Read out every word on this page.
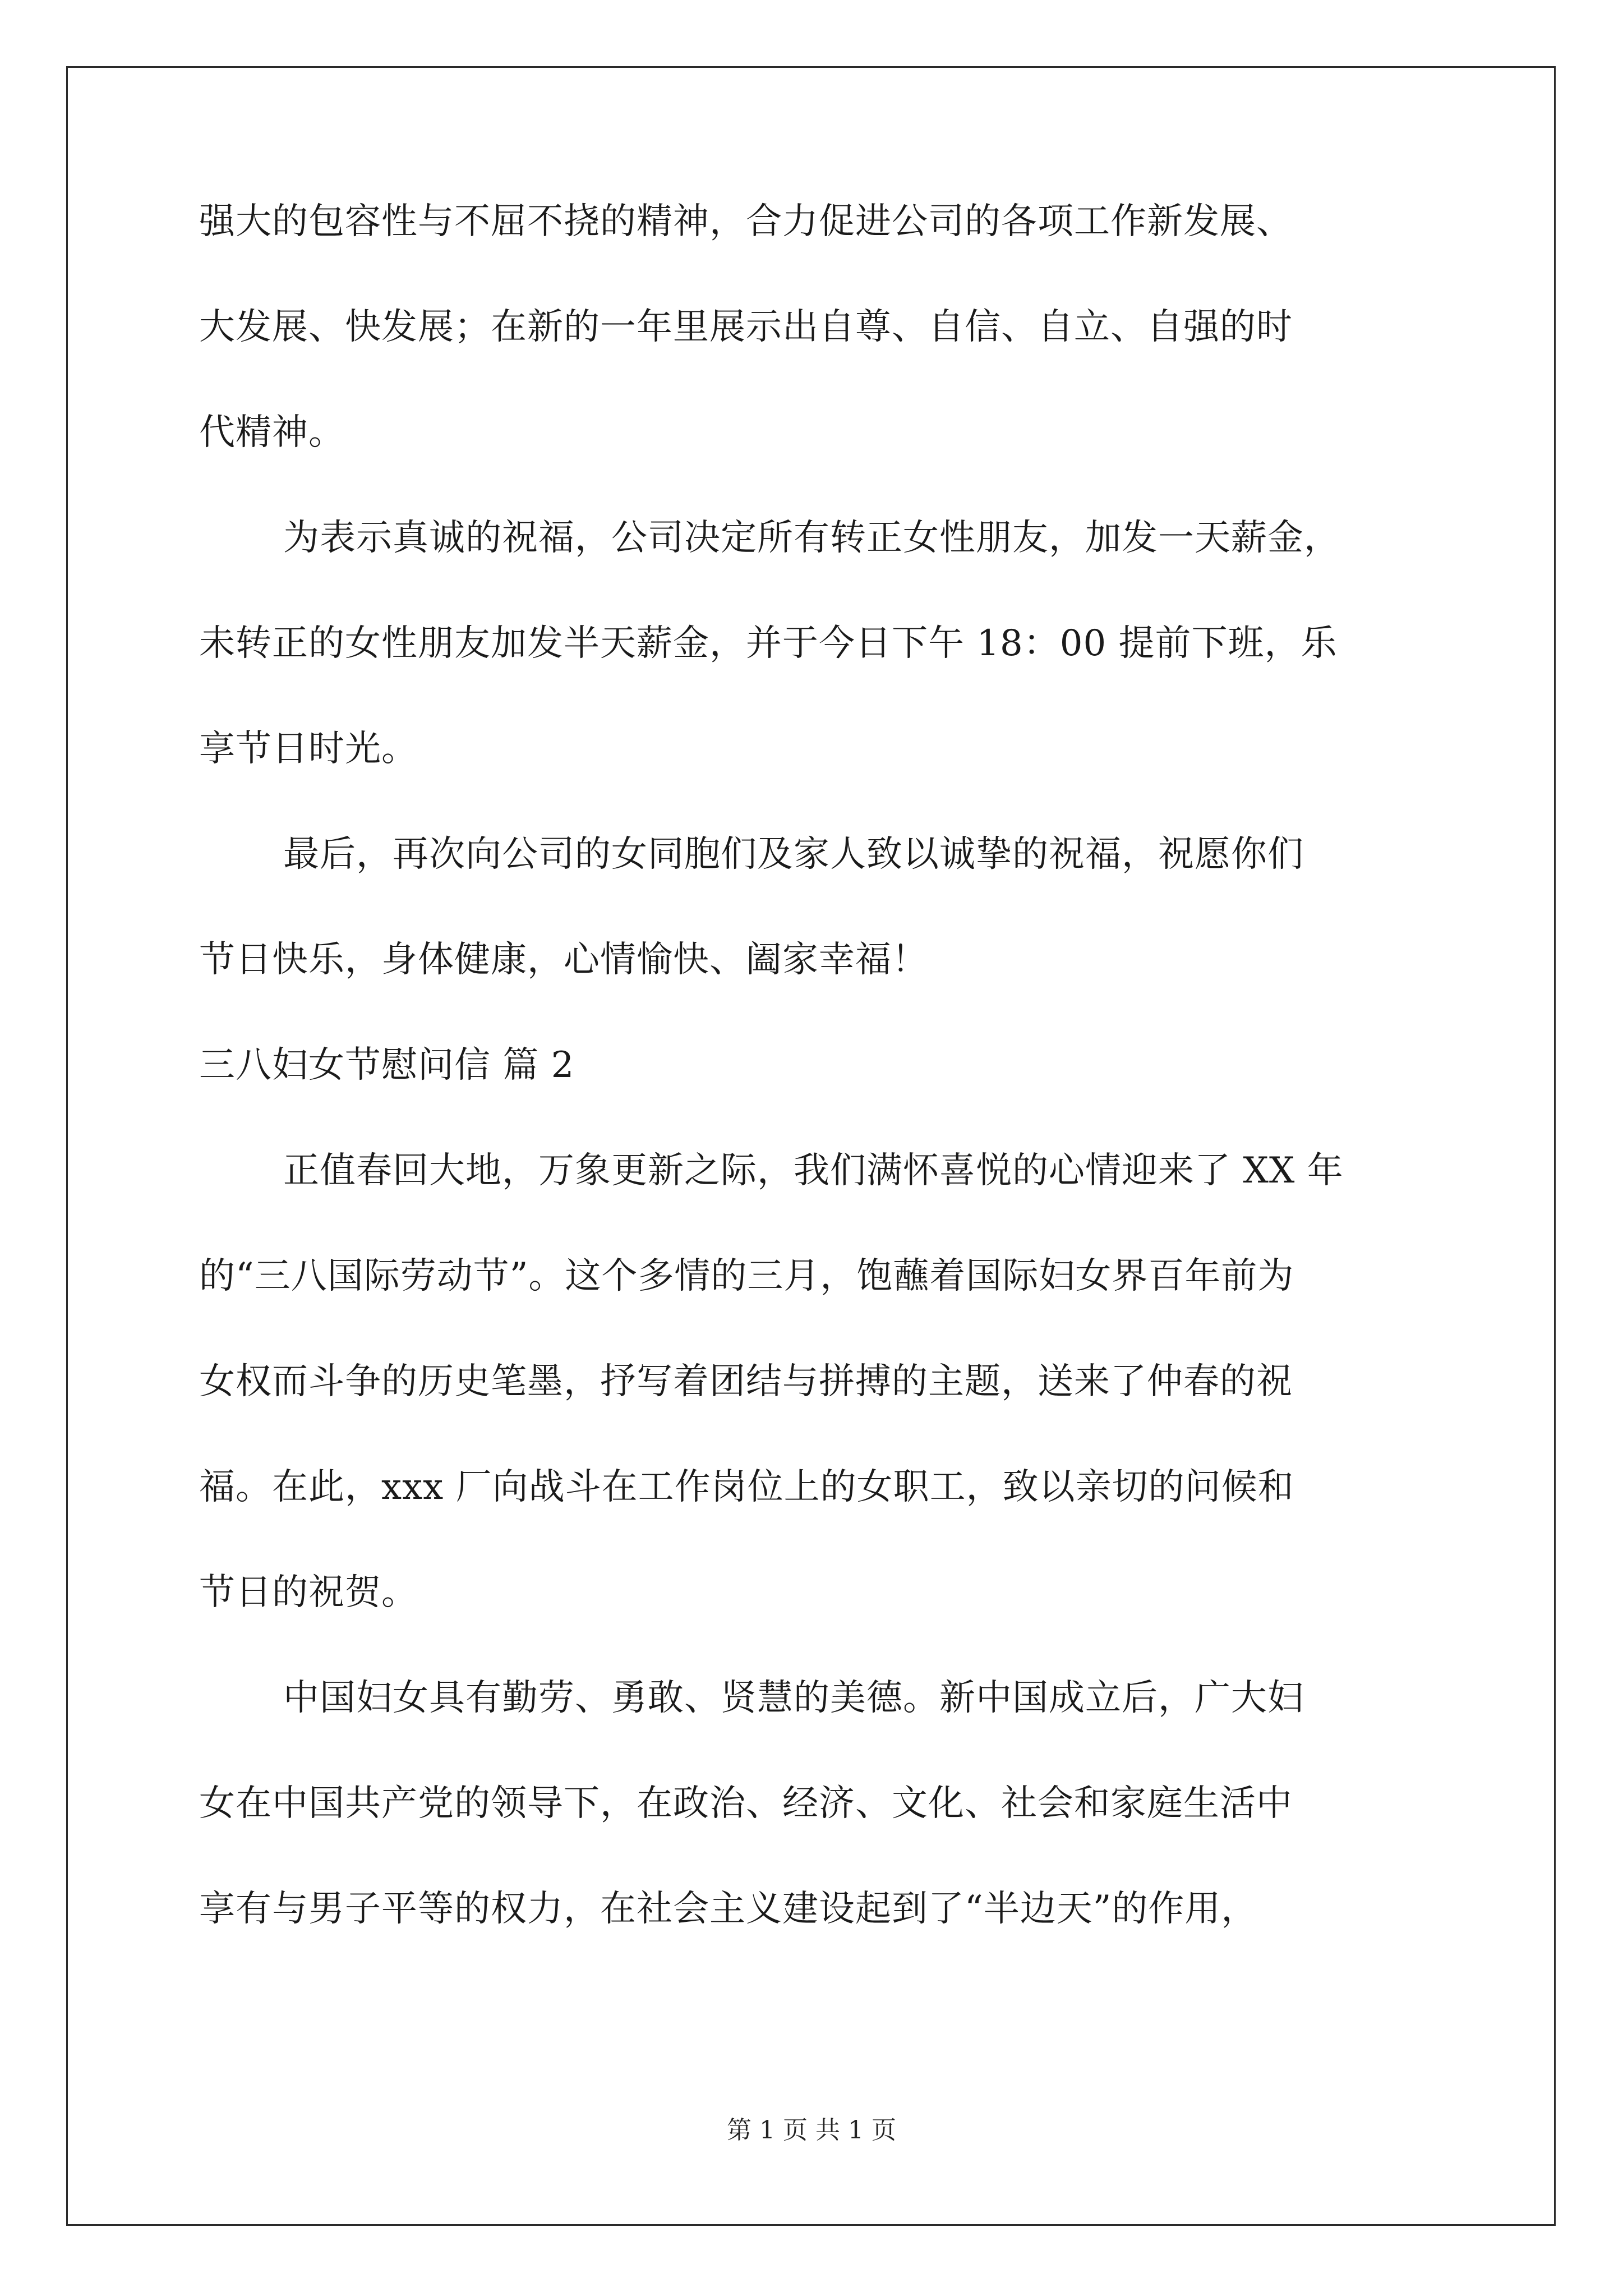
强大的包容性与不屈不挠的精神，合力促进公司的各项工作新发展、
大发展、快发展；在新的一年里展示出自尊、自信、自立、自强的时
代精神。
为表示真诚的祝福，公司决定所有转正女性朋友，加发一天薪金，
未转正的女性朋友加发半天薪金，并于今日下午 18：00 提前下班，乐
享节日时光。
最后，再次向公司的女同胞们及家人致以诚挚的祝福，祝愿你们
节日快乐，身体健康，心情愉快、阖家幸福！
三八妇女节慰问信 篇 2
正值春回大地，万象更新之际，我们满怀喜悦的心情迎来了 XX 年
的“三八国际劳动节”。这个多情的三月，饱蘸着国际妇女界百年前为
女权而斗争的历史笔墨，抒写着团结与拼搏的主题，送来了仲春的祝
福。在此，xxx 厂向战斗在工作岗位上的女职工，致以亲切的问候和
节日的祝贺。
中国妇女具有勤劳、勇敢、贤慧的美德。新中国成立后，广大妇
女在中国共产党的领导下，在政治、经济、文化、社会和家庭生活中
享有与男子平等的权力，在社会主义建设起到了“半边天”的作用，
第 1 页 共 1 页
